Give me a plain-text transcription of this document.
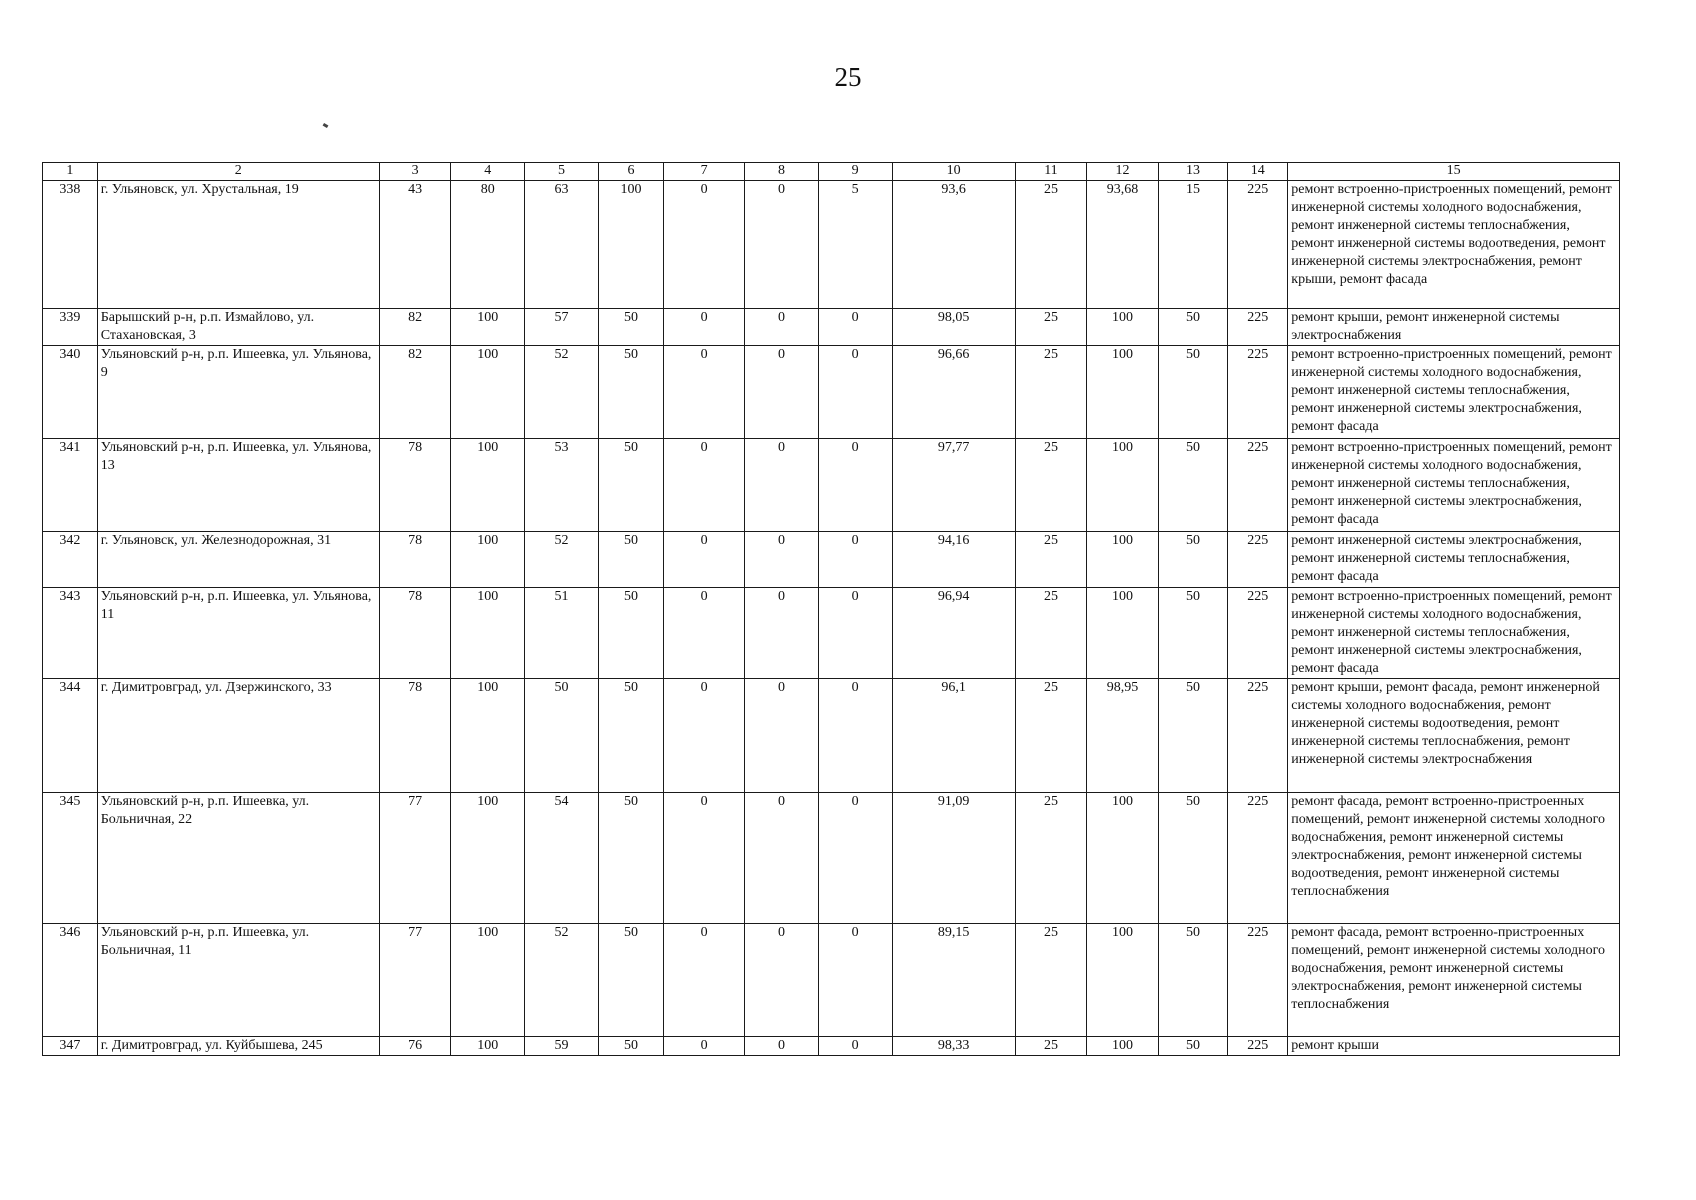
25
1	2	3	4	5	6	7	8	9	10	11	12	13	14	15
338	г. Ульяновск, ул. Хрустальная, 19	43	80	63	100	0	0	5	93,6	25	93,68	15	225	ремонт встроенно-пристроенных помещений, ремонт инженерной системы холодного водоснабжения, ремонт инженерной системы теплоснабжения, ремонт инженерной системы водоотведения, ремонт инженерной системы электроснабжения, ремонт крыши, ремонт фасада
339	Барышский р-н, р.п. Измайлово, ул. Стахановская, 3	82	100	57	50	0	0	0	98,05	25	100	50	225	ремонт крыши, ремонт инженерной системы электроснабжения
340	Ульяновский р-н, р.п. Ишеевка, ул. Ульянова, 9	82	100	52	50	0	0	0	96,66	25	100	50	225	ремонт встроенно-пристроенных помещений, ремонт инженерной системы холодного водоснабжения, ремонт инженерной системы теплоснабжения, ремонт инженерной системы электроснабжения, ремонт фасада
341	Ульяновский р-н, р.п. Ишеевка, ул. Ульянова, 13	78	100	53	50	0	0	0	97,77	25	100	50	225	ремонт встроенно-пристроенных помещений, ремонт инженерной системы холодного водоснабжения, ремонт инженерной системы теплоснабжения, ремонт инженерной системы электроснабжения, ремонт фасада
342	г. Ульяновск, ул. Железнодорожная, 31	78	100	52	50	0	0	0	94,16	25	100	50	225	ремонт инженерной системы электроснабжения, ремонт инженерной системы теплоснабжения, ремонт фасада
343	Ульяновский р-н, р.п. Ишеевка, ул. Ульянова, 11	78	100	51	50	0	0	0	96,94	25	100	50	225	ремонт встроенно-пристроенных помещений, ремонт инженерной системы холодного водоснабжения, ремонт инженерной системы теплоснабжения, ремонт инженерной системы электроснабжения, ремонт фасада
344	г. Димитровград, ул. Дзержинского, 33	78	100	50	50	0	0	0	96,1	25	98,95	50	225	ремонт крыши, ремонт фасада, ремонт инженерной системы холодного водоснабжения, ремонт инженерной системы водоотведения, ремонт инженерной системы теплоснабжения, ремонт инженерной системы электроснабжения
345	Ульяновский р-н, р.п. Ишеевка, ул. Больничная, 22	77	100	54	50	0	0	0	91,09	25	100	50	225	ремонт фасада, ремонт встроенно-пристроенных помещений, ремонт инженерной системы холодного водоснабжения, ремонт инженерной системы электроснабжения, ремонт инженерной системы водоотведения, ремонт инженерной системы теплоснабжения
346	Ульяновский р-н, р.п. Ишеевка, ул. Больничная, 11	77	100	52	50	0	0	0	89,15	25	100	50	225	ремонт фасада, ремонт встроенно-пристроенных помещений, ремонт инженерной системы холодного водоснабжения, ремонт инженерной системы электроснабжения, ремонт инженерной системы теплоснабжения
347	г. Димитровград, ул. Куйбышева, 245	76	100	59	50	0	0	0	98,33	25	100	50	225	ремонт крыши
